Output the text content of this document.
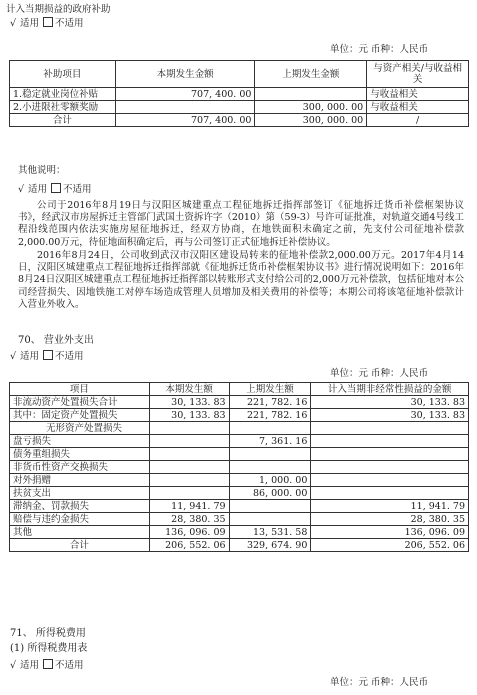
计入当期损益的政府补助
√ 适用 不适用
单位：元 币种：人民币
补助项目	本期发生金额	上期发生金额	与资产相关/与收益相关
1.稳定就业岗位补贴	707, 400. 00		与收益相关
2.小进限社零额奖励		300, 000. 00	与收益相关
合计	707, 400. 00	300, 000. 00	/
其他说明：
√ 适用 不适用
公司于2016年8月19日与汉阳区城建重点工程征地拆迁指挥部签订《征地拆迁货币补偿框架协议书》，经武汉市房屋拆迁主管部门武国土资拆许字（2010）第（59-3）号许可证批准，对轨道交通4号线工程沿线范围内依法实施房屋征地拆迁，经双方协商，在地铁面积未确定之前，先支付公司征地补偿款2,000.00万元，待征地面积确定后，再与公司签订正式征地拆迁补偿协议。
2016年8月24日，公司收到武汉市汉阳区建设局转来的征地补偿款2,000.00万元。2017年4月14日，汉阳区城建重点工程征地拆迁指挥部就《征地拆迁货币补偿框架协议书》进行情况说明如下：2016年8月24日汉阳区城建重点工程征地拆迁指挥部以转账形式支付给公司的2,000万元补偿款，包括征地对本公司经营损失、因地铁施工对停车场造成管理人员增加及相关费用的补偿等；本期公司将该笔征地补偿款计入营业外收入。
70、 营业外支出
√ 适用 不适用
单位：元 币种：人民币
项目	本期发生额	上期发生额	计入当期非经常性损益的金额
非流动资产处置损失合计	30, 133. 83	221, 782. 16	30, 133. 83
其中：固定资产处置损失	30, 133. 83	221, 782. 16	30, 133. 83
无形资产处置损失			
盘亏损失		7, 361. 16	
债务重组损失			
非货币性资产交换损失			
对外捐赠		1, 000. 00	
扶贫支出		86, 000. 00	
滞纳金、罚款损失	11, 941. 79		11, 941. 79
赔偿与违约金损失	28, 380. 35		28, 380. 35
其他	136, 096. 09	13, 531. 58	136, 096. 09
合计	206, 552. 06	329, 674. 90	206, 552. 06
71、 所得税费用
(1) 所得税费用表
√ 适用 不适用
单位：元 币种：人民币
